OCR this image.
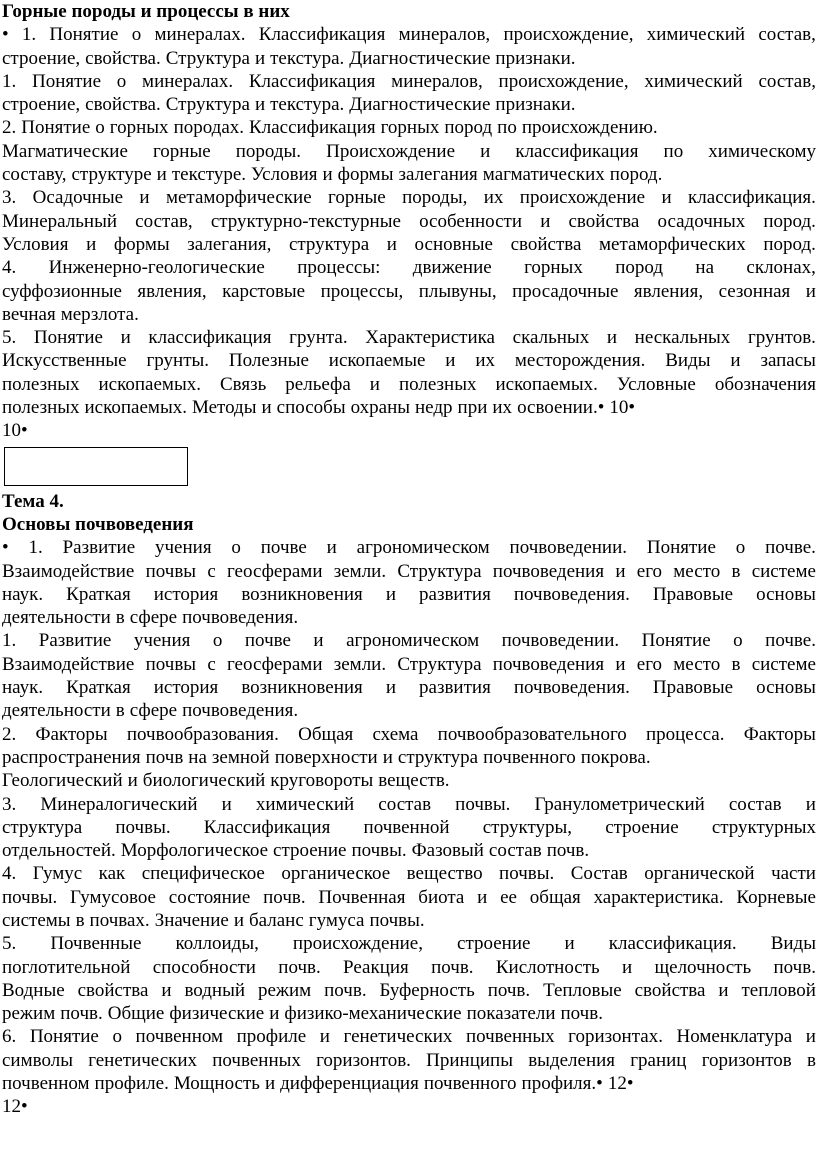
Горные породы и процессы в них
• 1. Понятие о минералах. Классификация минералов, происхождение, химический состав,
строение, свойства. Структура и текстура. Диагностические признаки.
1. Понятие о минералах. Классификация минералов, происхождение, химический состав,
строение, свойства. Структура и текстура. Диагностические признаки.
2. Понятие о горных породах. Классификация горных пород по происхождению.
Магматические горные породы. Происхождение и классификация по химическому
составу, структуре и текстуре. Условия и формы залегания магматических пород.
3. Осадочные и метаморфические горные породы, их происхождение и классификация.
Минеральный состав, структурно-текстурные особенности и свойства осадочных пород.
Условия и формы залегания, структура и основные свойства метаморфических пород.
4. Инженерно-геологические процессы: движение горных пород на склонах,
суффозионные явления, карстовые процессы, плывуны, просадочные явления, сезонная и
вечная мерзлота.
5. Понятие и классификация грунта. Характеристика скальных и нескальных грунтов.
Искусственные грунты. Полезные ископаемые и их месторождения. Виды и запасы
полезных ископаемых. Связь рельефа и полезных ископаемых. Условные обозначения
полезных ископаемых. Методы и способы охраны недр при их освоении.• 10•
10•
Тема 4.
Основы почвоведения
• 1. Развитие учения о почве и агрономическом почвоведении. Понятие о почве.
Взаимодействие почвы с геосферами земли. Структура почвоведения и его место в системе
наук. Краткая история возникновения и развития почвоведения. Правовые основы
деятельности в сфере почвоведения.
1. Развитие учения о почве и агрономическом почвоведении. Понятие о почве.
Взаимодействие почвы с геосферами земли. Структура почвоведения и его место в системе
наук. Краткая история возникновения и развития почвоведения. Правовые основы
деятельности в сфере почвоведения.
2. Факторы почвообразования. Общая схема почвообразовательного процесса. Факторы
распространения почв на земной поверхности и структура почвенного покрова.
Геологический и биологический круговороты веществ.
3. Минералогический и химический состав почвы. Гранулометрический состав и
структура почвы. Классификация почвенной структуры, строение структурных
отдельностей. Морфологическое строение почвы. Фазовый состав почв.
4. Гумус как специфическое органическое вещество почвы. Состав органической части
почвы. Гумусовое состояние почв. Почвенная биота и ее общая характеристика. Корневые
системы в почвах. Значение и баланс гумуса почвы.
5. Почвенные коллоиды, происхождение, строение и классификация. Виды
поглотительной способности почв. Реакция почв. Кислотность и щелочность почв.
Водные свойства и водный режим почв. Буферность почв. Тепловые свойства и тепловой
режим почв. Общие физические и физико-механические показатели почв.
6. Понятие о почвенном профиле и генетических почвенных горизонтах. Номенклатура и
символы генетических почвенных горизонтов. Принципы выделения границ горизонтов в
почвенном профиле. Мощность и дифференциация почвенного профиля.• 12•
12•
